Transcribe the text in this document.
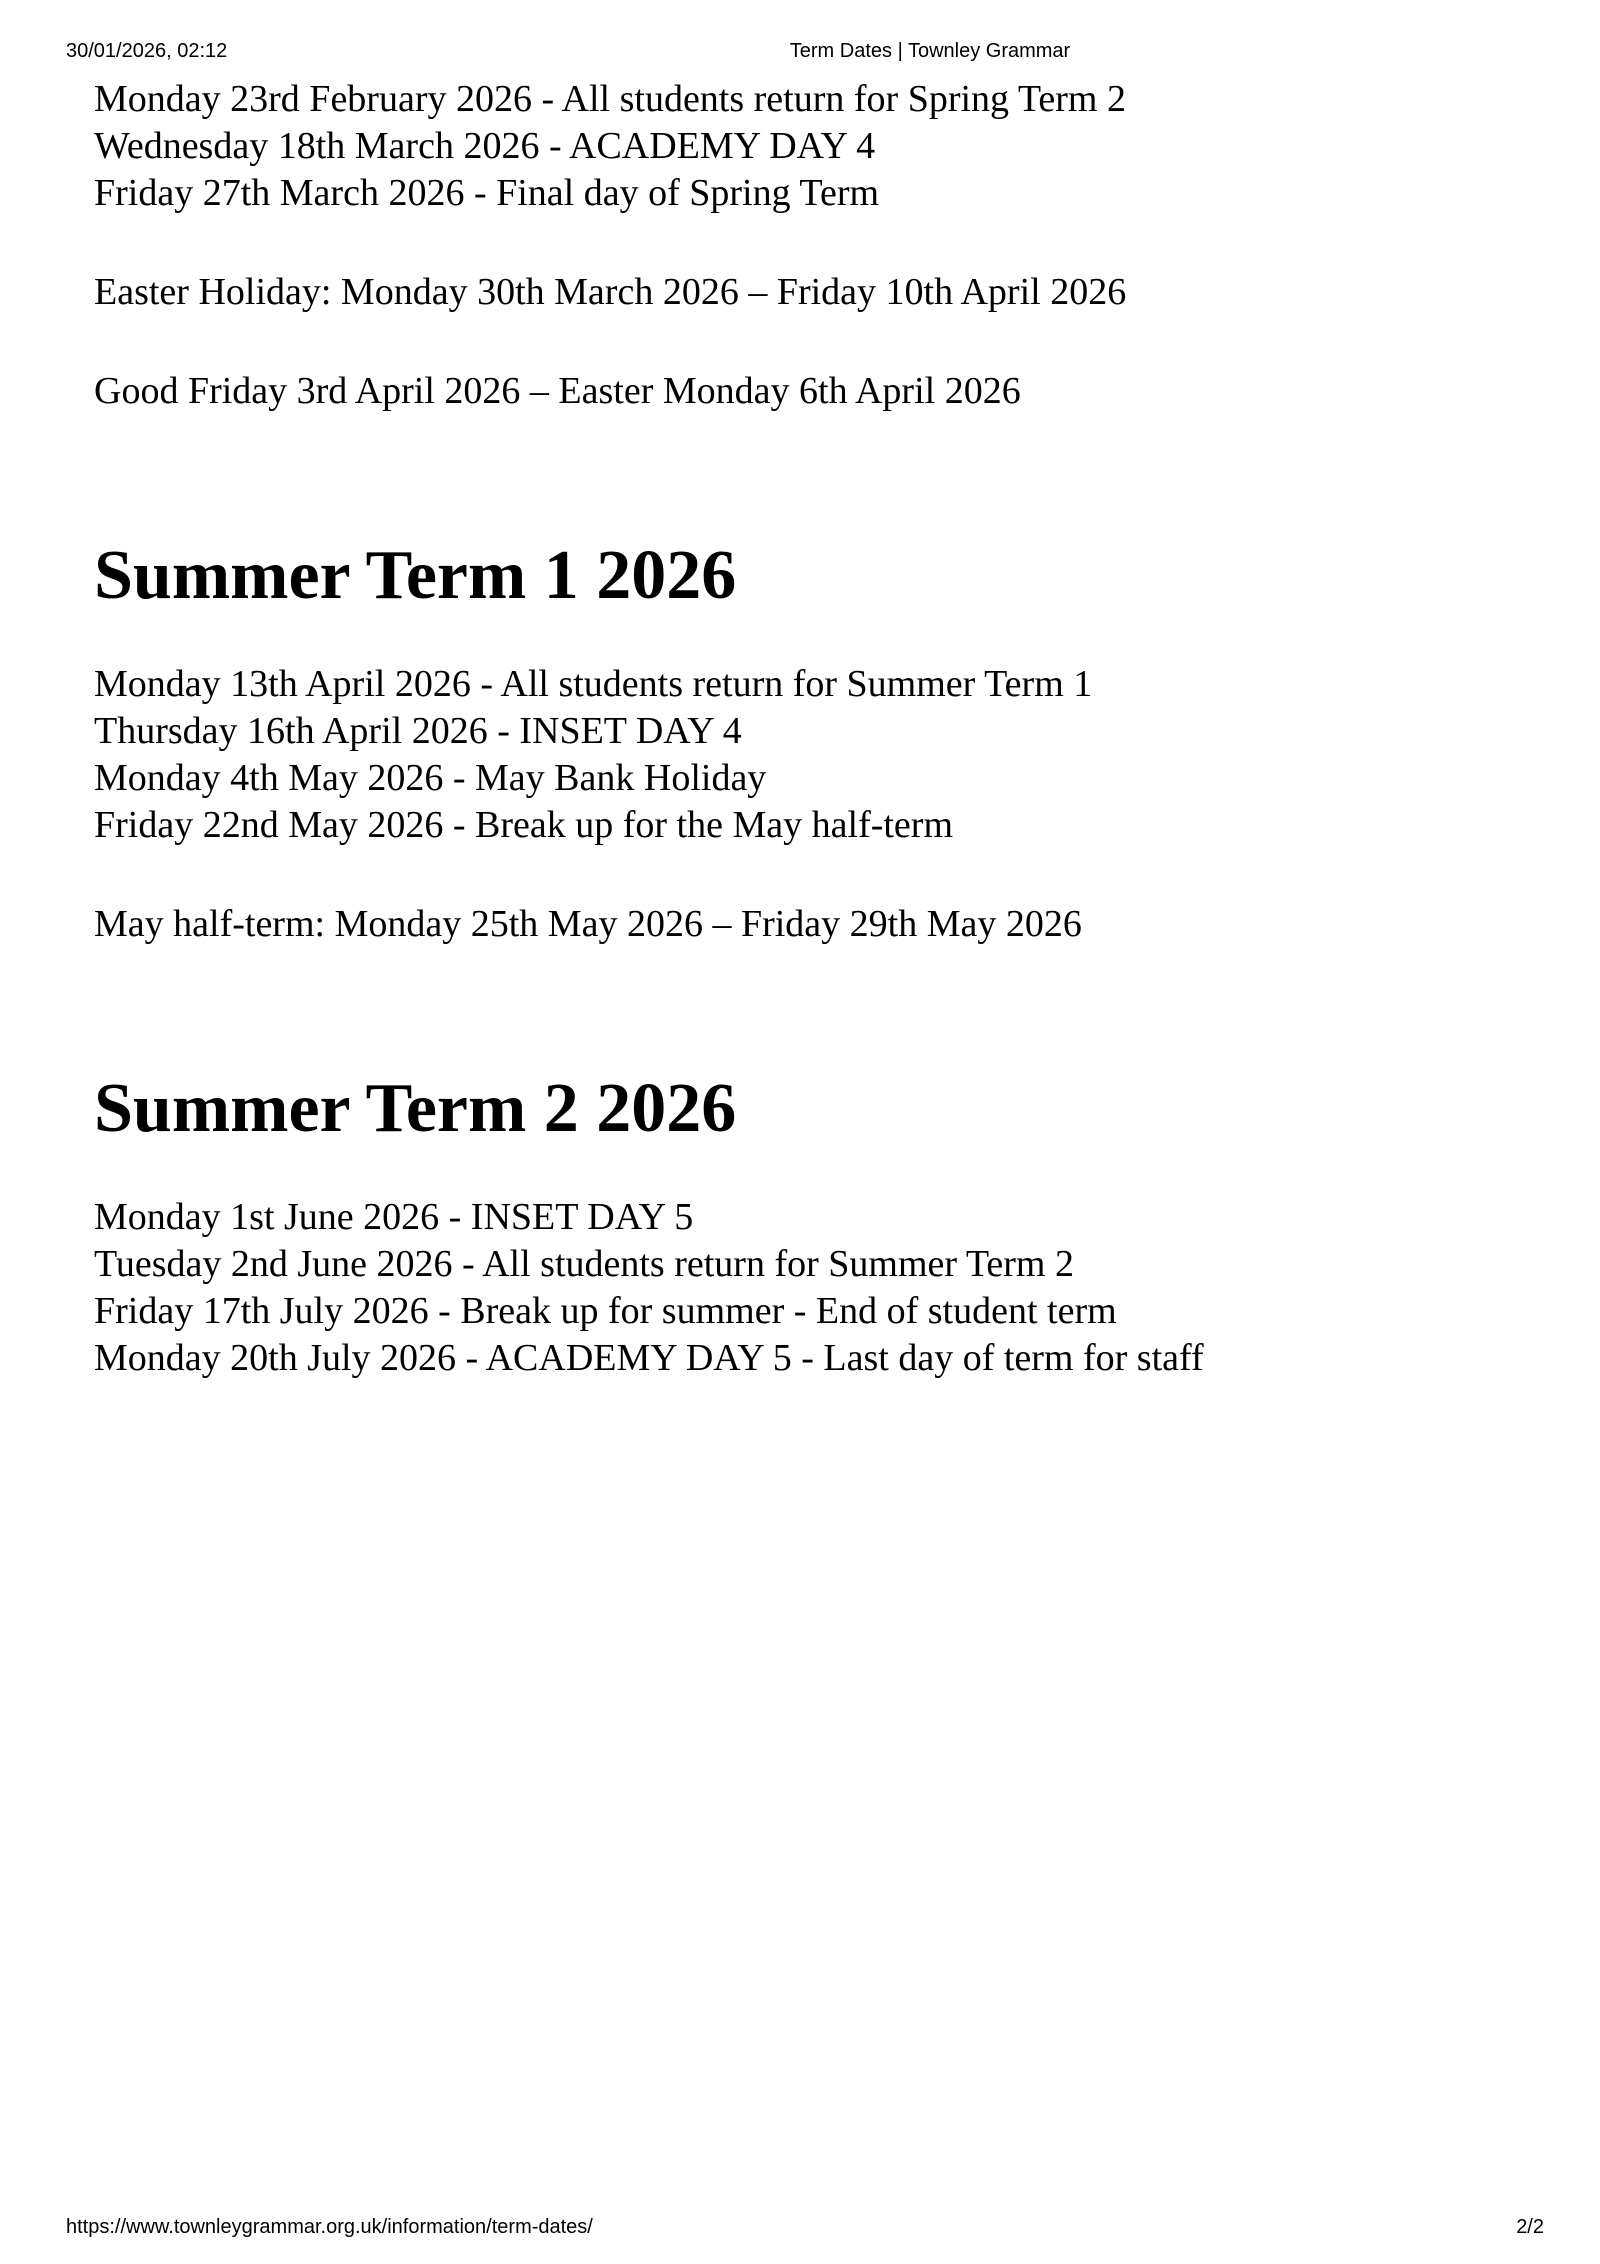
30/01/2026, 02:12	Term Dates | Townley Grammar
Monday 23rd February 2026 - All students return for Spring Term 2
Wednesday 18th March 2026 - ACADEMY DAY 4
Friday 27th March 2026 - Final day of Spring Term
Easter Holiday: Monday 30th March 2026 – Friday 10th April 2026
Good Friday 3rd April 2026 – Easter Monday 6th April 2026
Summer Term 1 2026
Monday 13th April 2026 - All students return for Summer Term 1
Thursday 16th April 2026 - INSET DAY 4
Monday 4th May 2026 - May Bank Holiday
Friday 22nd May 2026 - Break up for the May half-term
May half-term: Monday 25th May 2026 – Friday 29th May 2026
Summer Term 2 2026
Monday 1st June 2026 - INSET DAY 5
Tuesday 2nd June 2026 - All students return for Summer Term 2
Friday 17th July 2026 - Break up for summer - End of student term
Monday 20th July 2026 - ACADEMY DAY 5 - Last day of term for staff
https://www.townleygrammar.org.uk/information/term-dates/	2/2
